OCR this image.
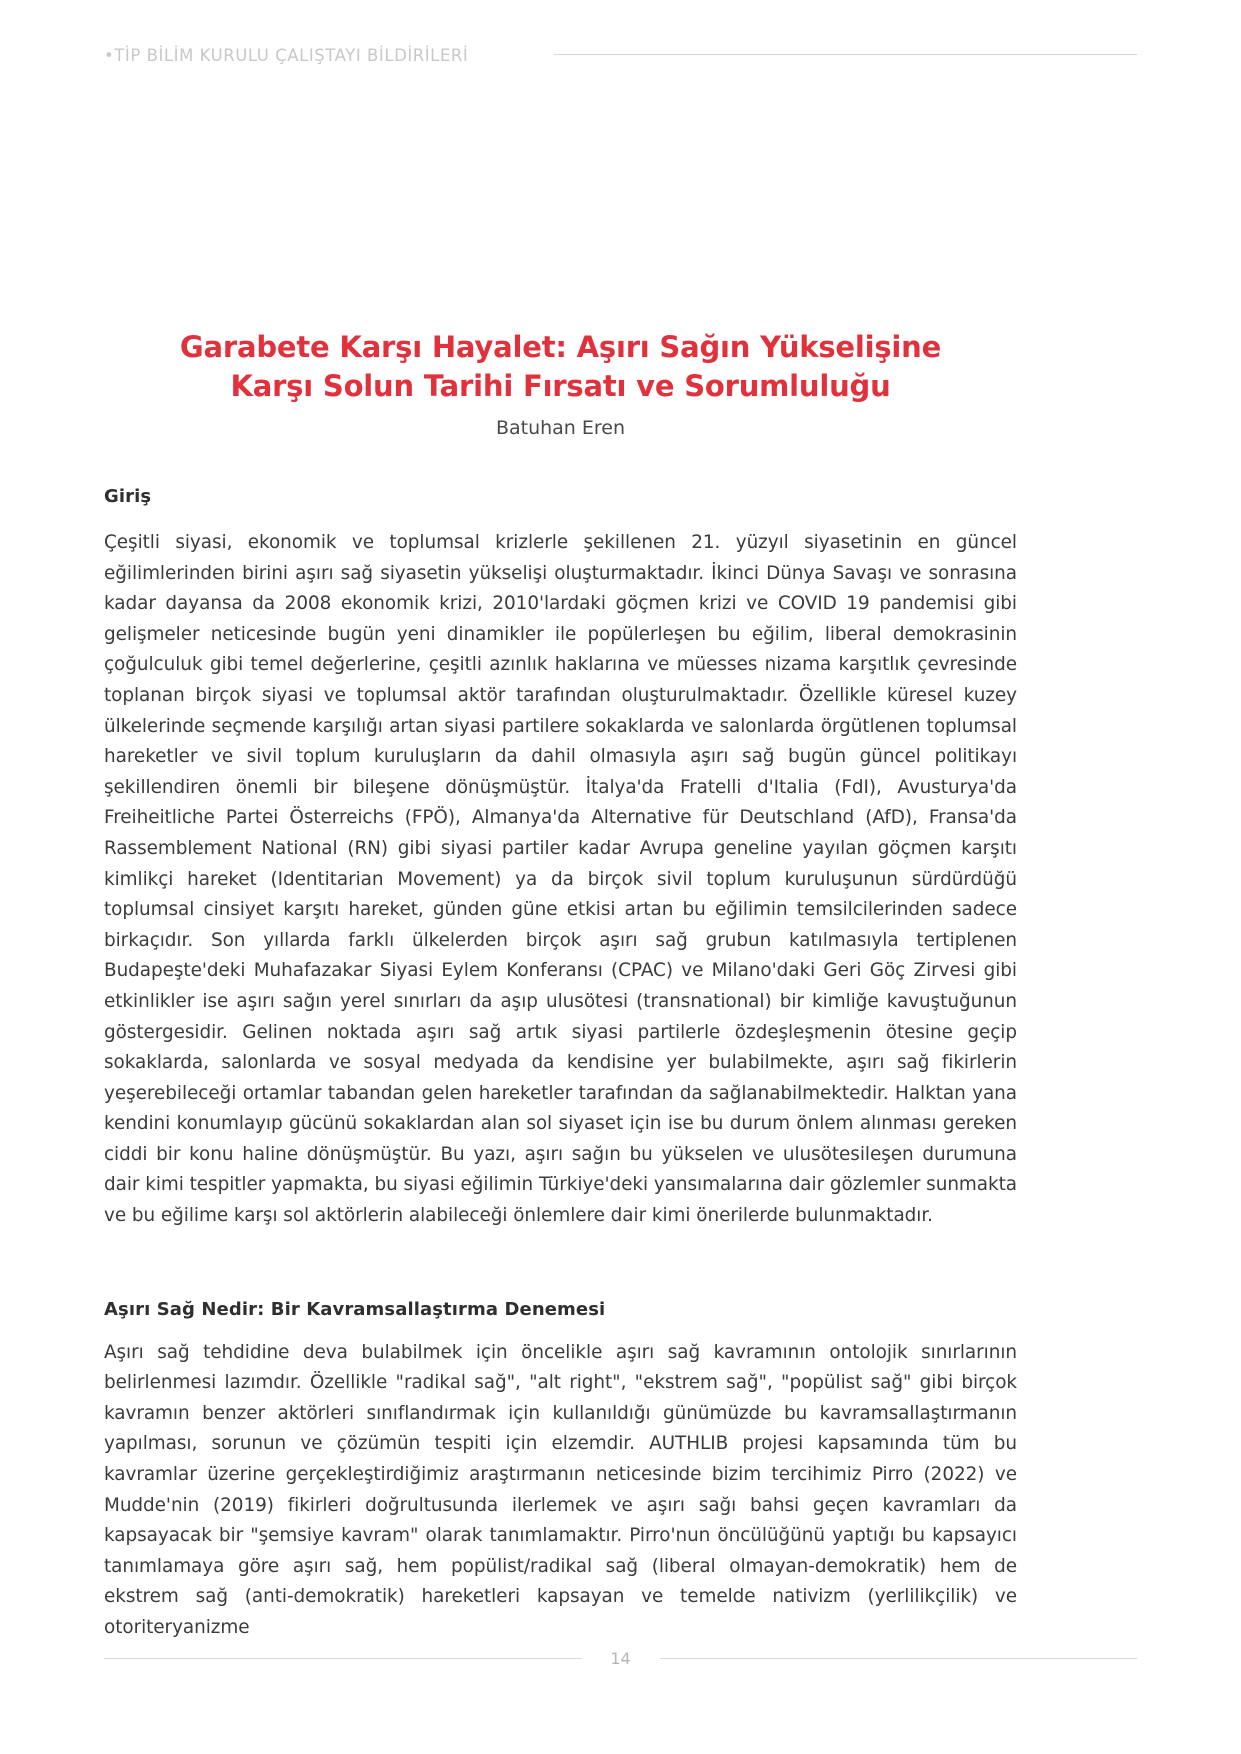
• TİP BİLİM KURULU ÇALIŞTAYI BİLDİRİLERİ
Garabete Karşı Hayalet: Aşırı Sağın Yükselişine Karşı Solun Tarihi Fırsatı ve Sorumluluğu
Batuhan Eren
Giriş

Çeşitli siyasi, ekonomik ve toplumsal krizlerle şekillenen 21. yüzyıl siyasetinin en güncel eğilimlerinden birini aşırı sağ siyasetin yükselişi oluşturmaktadır. İkinci Dünya Savaşı ve sonrasına kadar dayansa da 2008 ekonomik krizi, 2010'lardaki göçmen krizi ve COVID 19 pandemisi gibi gelişmeler neticesinde bugün yeni dinamikler ile popülerleşen bu eğilim, liberal demokrasinin çoğulculuk gibi temel değerlerine, çeşitli azınlık haklarına ve müesses nizama karşıtlık çevresinde toplanan birçok siyasi ve toplumsal aktör tarafından oluşturulmaktadır. Özellikle küresel kuzey ülkelerinde seçmende karşılığı artan siyasi partilere sokaklarda ve salonlarda örgütlenen toplumsal hareketler ve sivil toplum kuruluşların da dahil olmasıyla aşırı sağ bugün güncel politikayı şekillendiren önemli bir bileşene dönüşmüştür. İtalya'da Fratelli d'Italia (FdI), Avusturya'da Freiheitliche Partei Österreichs (FPÖ), Almanya'da Alternative für Deutschland (AfD), Fransa'da Rassemblement National (RN) gibi siyasi partiler kadar Avrupa geneline yayılan göçmen karşıtı kimlikçi hareket (Identitarian Movement) ya da birçok sivil toplum kuruluşunun sürdürdüğü toplumsal cinsiyet karşıtı hareket, günden güne etkisi artan bu eğilimin temsilcilerinden sadece birkaçıdır. Son yıllarda farklı ülkelerden birçok aşırı sağ grubun katılmasıyla tertiplenen Budapeşte'deki Muhafazakar Siyasi Eylem Konferansı (CPAC) ve Milano'daki Geri Göç Zirvesi gibi etkinlikler ise aşırı sağın yerel sınırları da aşıp ulusötesi (transnational) bir kimliğe kavuştuğunun göstergesidir. Gelinen noktada aşırı sağ artık siyasi partilerle özdeşleşmenin ötesine geçip sokaklarda, salonlarda ve sosyal medyada da kendisine yer bulabilmekte, aşırı sağ fikirlerin yeşerebileceği ortamlar tabandan gelen hareketler tarafından da sağlanabilmektedir. Halktan yana kendini konumlayıp gücünü sokaklardan alan sol siyaset için ise bu durum önlem alınması gereken ciddi bir konu haline dönüşmüştür. Bu yazı, aşırı sağın bu yükselen ve ulusötesileşen durumuna dair kimi tespitler yapmakta, bu siyasi eğilimin Türkiye'deki yansımalarına dair gözlemler sunmakta ve bu eğilime karşı sol aktörlerin alabileceği önlemlere dair kimi önerilerde bulunmaktadır.

Aşırı Sağ Nedir: Bir Kavramsallaştırma Denemesi

Aşırı sağ tehdidine deva bulabilmek için öncelikle aşırı sağ kavramının ontolojik sınırlarının belirlenmesi lazımdır. Özellikle "radikal sağ", "alt right", "ekstrem sağ", "popülist sağ" gibi birçok kavramın benzer aktörleri sınıflandırmak için kullanıldığı günümüzde bu kavramsallaştırmanın yapılması, sorunun ve çözümün tespiti için elzemdir. AUTHLIB projesi kapsamında tüm bu kavramlar üzerine gerçekleştirdiğimiz araştırmanın neticesinde bizim tercihimiz Pirro (2022) ve Mudde'nin (2019) fikirleri doğrultusunda ilerlemek ve aşırı sağı bahsi geçen kavramları da kapsayacak bir "şemsiye kavram" olarak tanımlamaktır. Pirro'nun öncülüğünü yaptığı bu kapsayıcı tanımlamaya göre aşırı sağ, hem popülist/radikal sağ (liberal olmayan-demokratik) hem de ekstrem sağ (anti-demokratik) hareketleri kapsayan ve temelde nativizm (yerlilikçilik) ve otoriteryanizme

14
